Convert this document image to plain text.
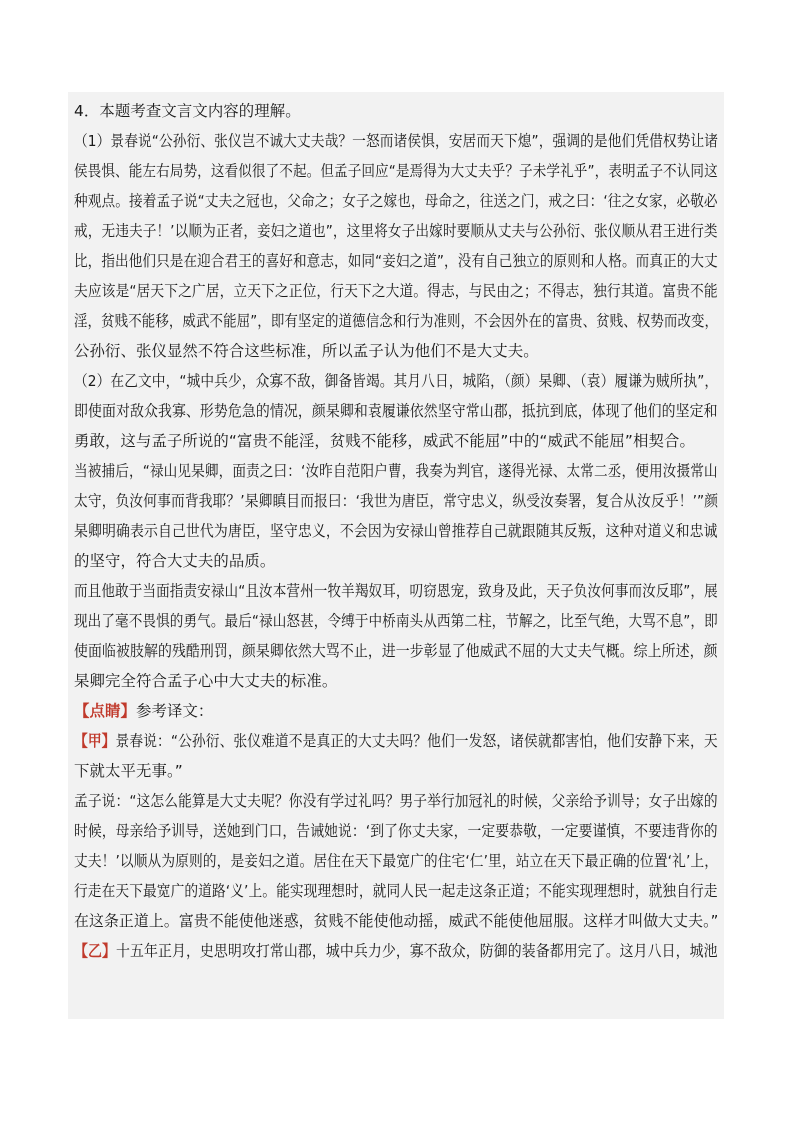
4．本题考查文言文内容的理解。
（1）景春说“公孙衍、张仪岂不诚大丈夫哉？一怒而诸侯惧，安居而天下熄”，强调的是他们凭借权势让诸
侯畏惧、能左右局势，这看似很了不起。但孟子回应“是焉得为大丈夫乎？子未学礼乎”，表明孟子不认同这
种观点。接着孟子说“丈夫之冠也，父命之；女子之嫁也，母命之，往送之门，戒之曰：‘往之女家，必敬必
戒，无违夫子！’以顺为正者，妾妇之道也”，这里将女子出嫁时要顺从丈夫与公孙衍、张仪顺从君王进行类
比，指出他们只是在迎合君王的喜好和意志，如同“妾妇之道”，没有自己独立的原则和人格。而真正的大丈
夫应该是“居天下之广居，立天下之正位，行天下之大道。得志，与民由之；不得志，独行其道。富贵不能
淫，贫贱不能移，威武不能屈”，即有坚定的道德信念和行为准则，不会因外在的富贵、贫贱、权势而改变，
公孙衍、张仪显然不符合这些标准，所以孟子认为他们不是大丈夫。
（2）在乙文中，“城中兵少，众寡不敌，御备皆竭。其月八日，城陷，（颜）杲卿、（袁）履谦为贼所执”，
即使面对敌众我寡、形势危急的情况，颜杲卿和袁履谦依然坚守常山郡，抵抗到底，体现了他们的坚定和
勇敢，这与孟子所说的“富贵不能淫，贫贱不能移，威武不能屈”中的“威武不能屈”相契合。
当被捕后，“禄山见杲卿，面责之曰：‘汝昨自范阳户曹，我奏为判官，遂得光禄、太常二丞，便用汝摄常山
太守，负汝何事而背我耶？’杲卿瞋目而报曰：‘我世为唐臣，常守忠义，纵受汝奏署，复合从汝反乎！’”颜
杲卿明确表示自己世代为唐臣，坚守忠义，不会因为安禄山曾推荐自己就跟随其反叛，这种对道义和忠诚
的坚守，符合大丈夫的品质。
而且他敢于当面指责安禄山“且汝本营州一牧羊羯奴耳，叨窃恩宠，致身及此，天子负汝何事而汝反耶”，展
现出了毫不畏惧的勇气。最后“禄山怒甚，令缚于中桥南头从西第二柱，节解之，比至气绝，大骂不息”，即
使面临被肢解的残酷刑罚，颜杲卿依然大骂不止，进一步彰显了他威武不屈的大丈夫气概。综上所述，颜
杲卿完全符合孟子心中大丈夫的标准。
【点睛】参考译文：
【甲】景春说：“公孙衍、张仪难道不是真正的大丈夫吗？他们一发怒，诸侯就都害怕，他们安静下来，天
下就太平无事。”
孟子说：“这怎么能算是大丈夫呢？你没有学过礼吗？男子举行加冠礼的时候，父亲给予训导；女子出嫁的
时候，母亲给予训导，送她到门口，告诫她说：‘到了你丈夫家，一定要恭敬，一定要谨慎，不要违背你的
丈夫！’以顺从为原则的，是妾妇之道。居住在天下最宽广的住宅‘仁’里，站立在天下最正确的位置‘礼’上，
行走在天下最宽广的道路‘义’上。能实现理想时，就同人民一起走这条正道；不能实现理想时，就独自行走
在这条正道上。富贵不能使他迷惑，贫贱不能使他动摇，威武不能使他屈服。这样才叫做大丈夫。”
【乙】十五年正月，史思明攻打常山郡，城中兵力少，寡不敌众，防御的装备都用完了。这月八日，城池
